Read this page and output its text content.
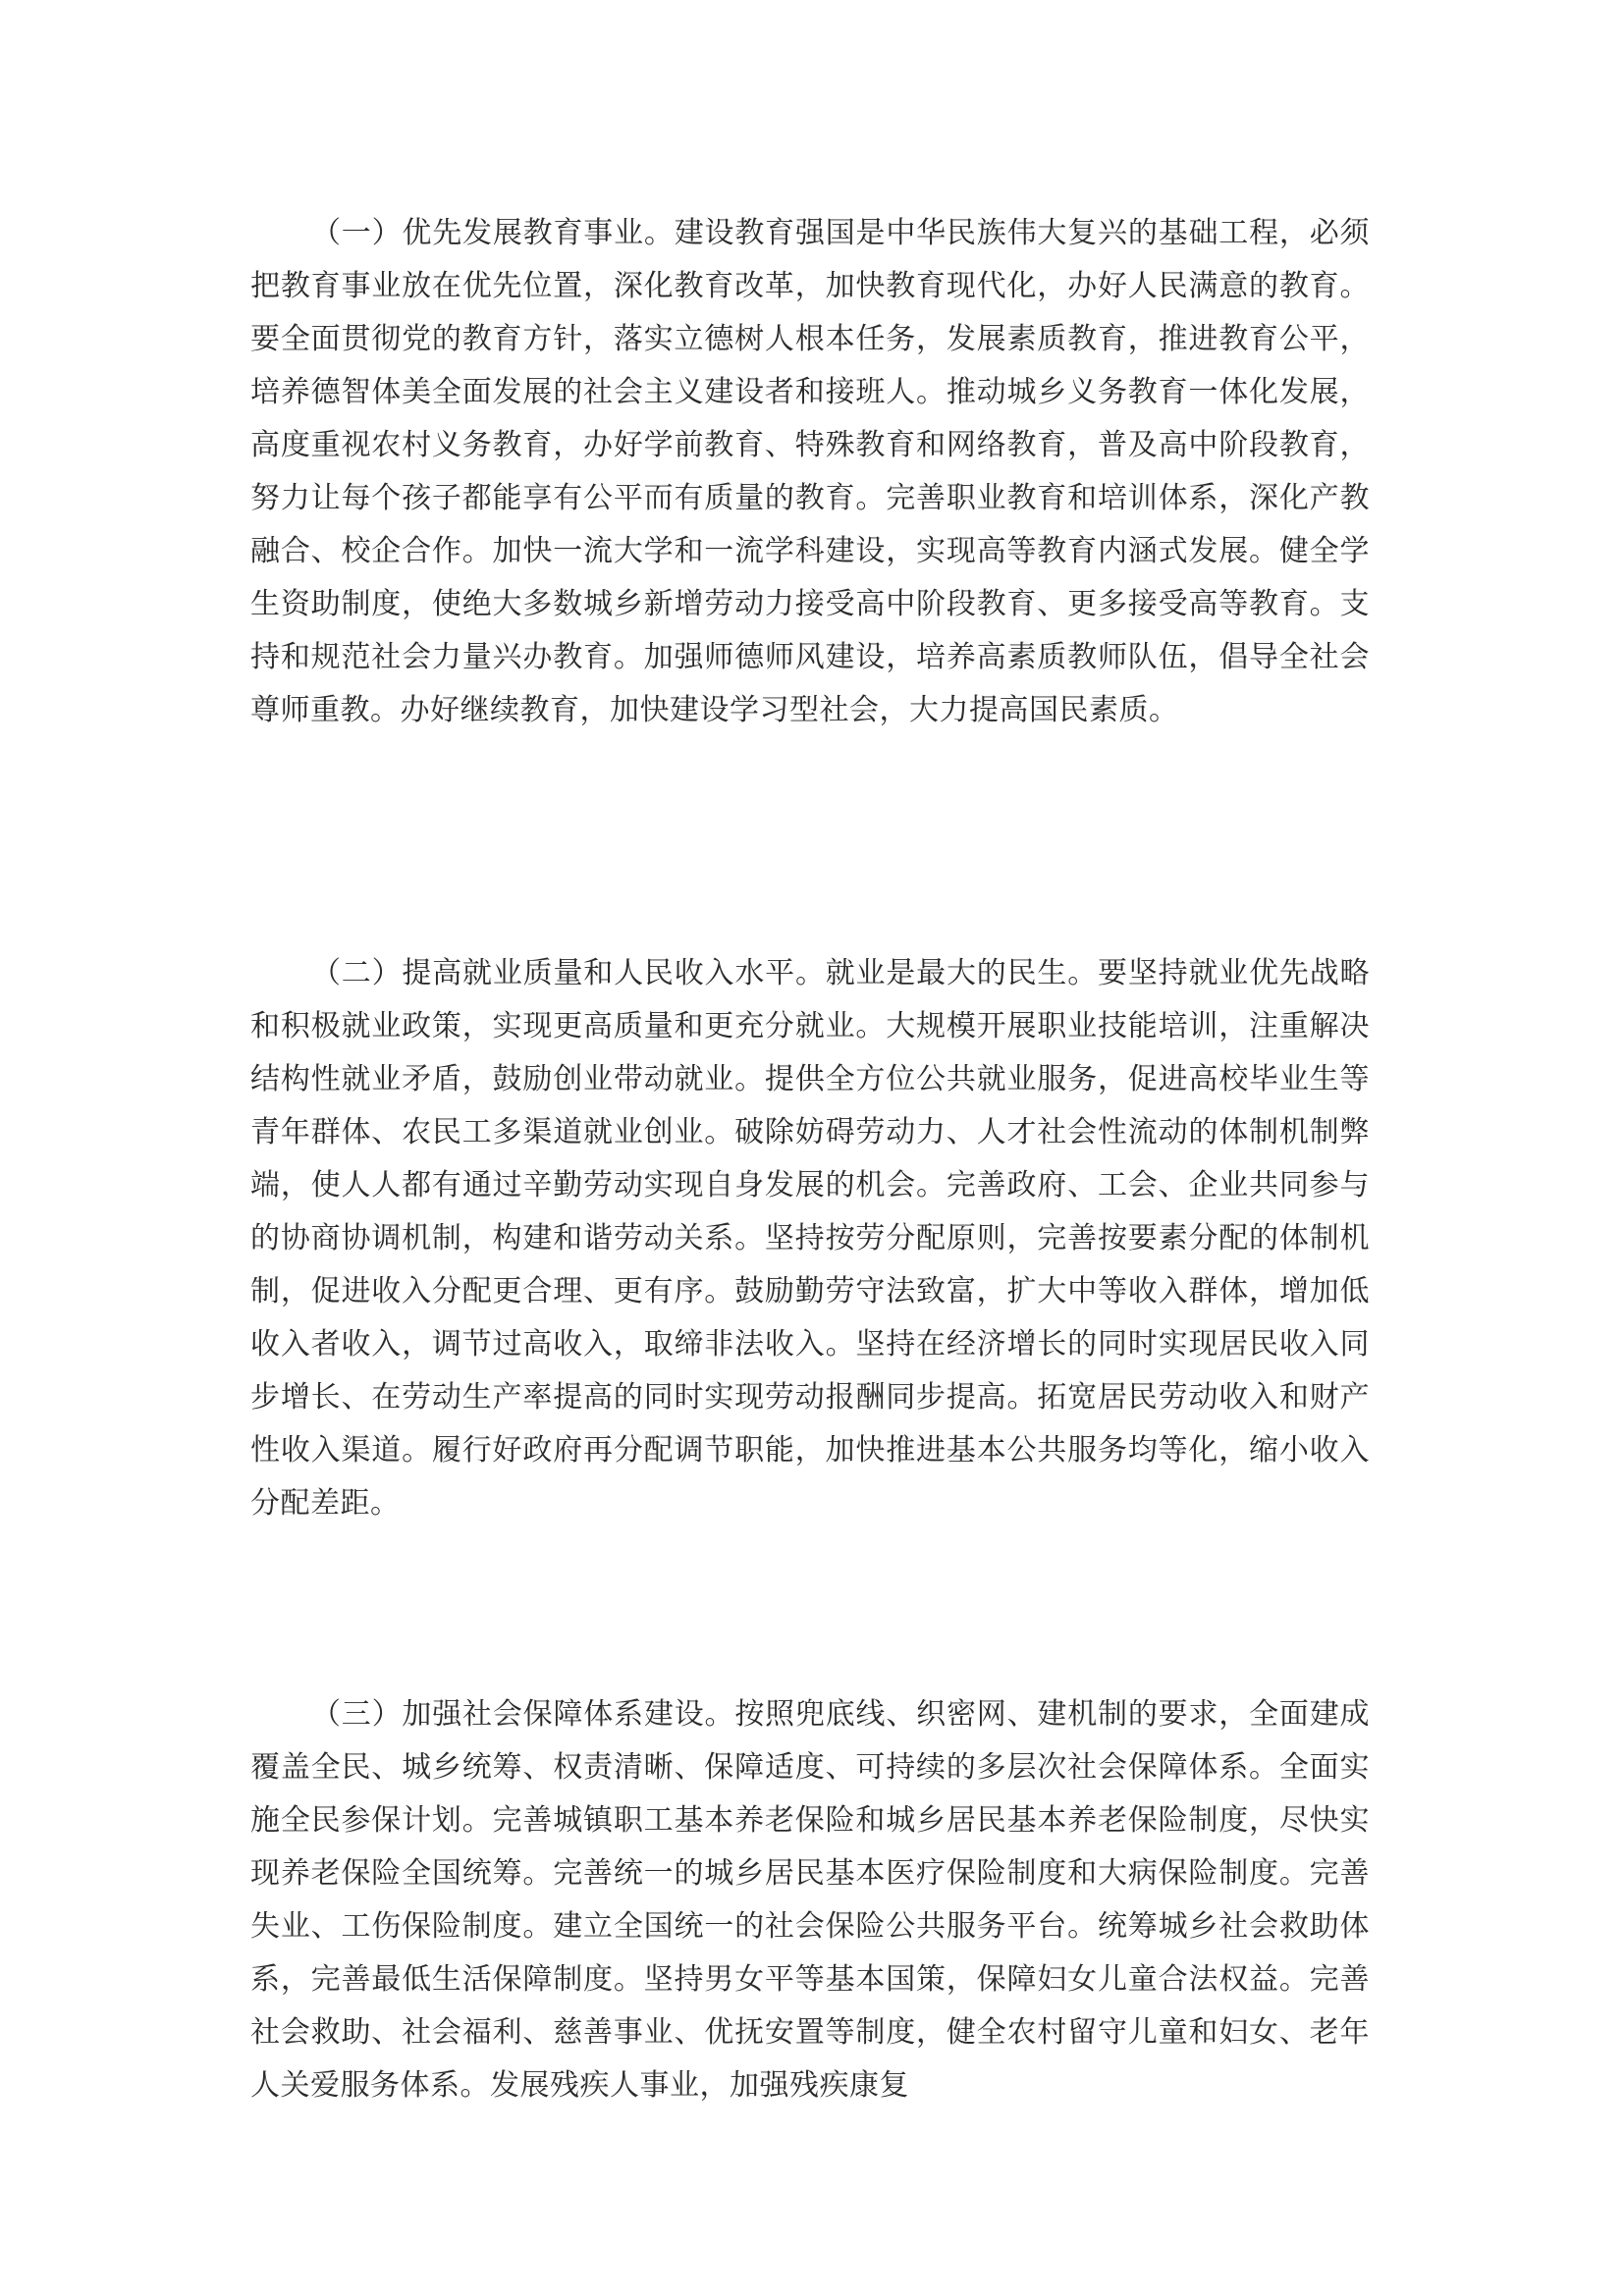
（一）优先发展教育事业。建设教育强国是中华民族伟大复兴的基础工程，必须把教育事业放在优先位置，深化教育改革，加快教育现代化，办好人民满意的教育。要全面贯彻党的教育方针，落实立德树人根本任务，发展素质教育，推进教育公平，培养德智体美全面发展的社会主义建设者和接班人。推动城乡义务教育一体化发展，高度重视农村义务教育，办好学前教育、特殊教育和网络教育，普及高中阶段教育，努力让每个孩子都能享有公平而有质量的教育。完善职业教育和培训体系，深化产教融合、校企合作。加快一流大学和一流学科建设，实现高等教育内涵式发展。健全学生资助制度，使绝大多数城乡新增劳动力接受高中阶段教育、更多接受高等教育。支持和规范社会力量兴办教育。加强师德师风建设，培养高素质教师队伍，倡导全社会尊师重教。办好继续教育，加快建设学习型社会，大力提高国民素质。

（二）提高就业质量和人民收入水平。就业是最大的民生。要坚持就业优先战略和积极就业政策，实现更高质量和更充分就业。大规模开展职业技能培训，注重解决结构性就业矛盾，鼓励创业带动就业。提供全方位公共就业服务，促进高校毕业生等青年群体、农民工多渠道就业创业。破除妨碍劳动力、人才社会性流动的体制机制弊端，使人人都有通过辛勤劳动实现自身发展的机会。完善政府、工会、企业共同参与的协商协调机制，构建和谐劳动关系。坚持按劳分配原则，完善按要素分配的体制机制，促进收入分配更合理、更有序。鼓励勤劳守法致富，扩大中等收入群体，增加低收入者收入，调节过高收入，取缔非法收入。坚持在经济增长的同时实现居民收入同步增长、在劳动生产率提高的同时实现劳动报酬同步提高。拓宽居民劳动收入和财产性收入渠道。履行好政府再分配调节职能，加快推进基本公共服务均等化，缩小收入分配差距。

（三）加强社会保障体系建设。按照兜底线、织密网、建机制的要求，全面建成覆盖全民、城乡统筹、权责清晰、保障适度、可持续的多层次社会保障体系。全面实施全民参保计划。完善城镇职工基本养老保险和城乡居民基本养老保险制度，尽快实现养老保险全国统筹。完善统一的城乡居民基本医疗保险制度和大病保险制度。完善失业、工伤保险制度。建立全国统一的社会保险公共服务平台。统筹城乡社会救助体系，完善最低生活保障制度。坚持男女平等基本国策，保障妇女儿童合法权益。完善社会救助、社会福利、慈善事业、优抚安置等制度，健全农村留守儿童和妇女、老年人关爱服务体系。发展残疾人事业，加强残疾康复
